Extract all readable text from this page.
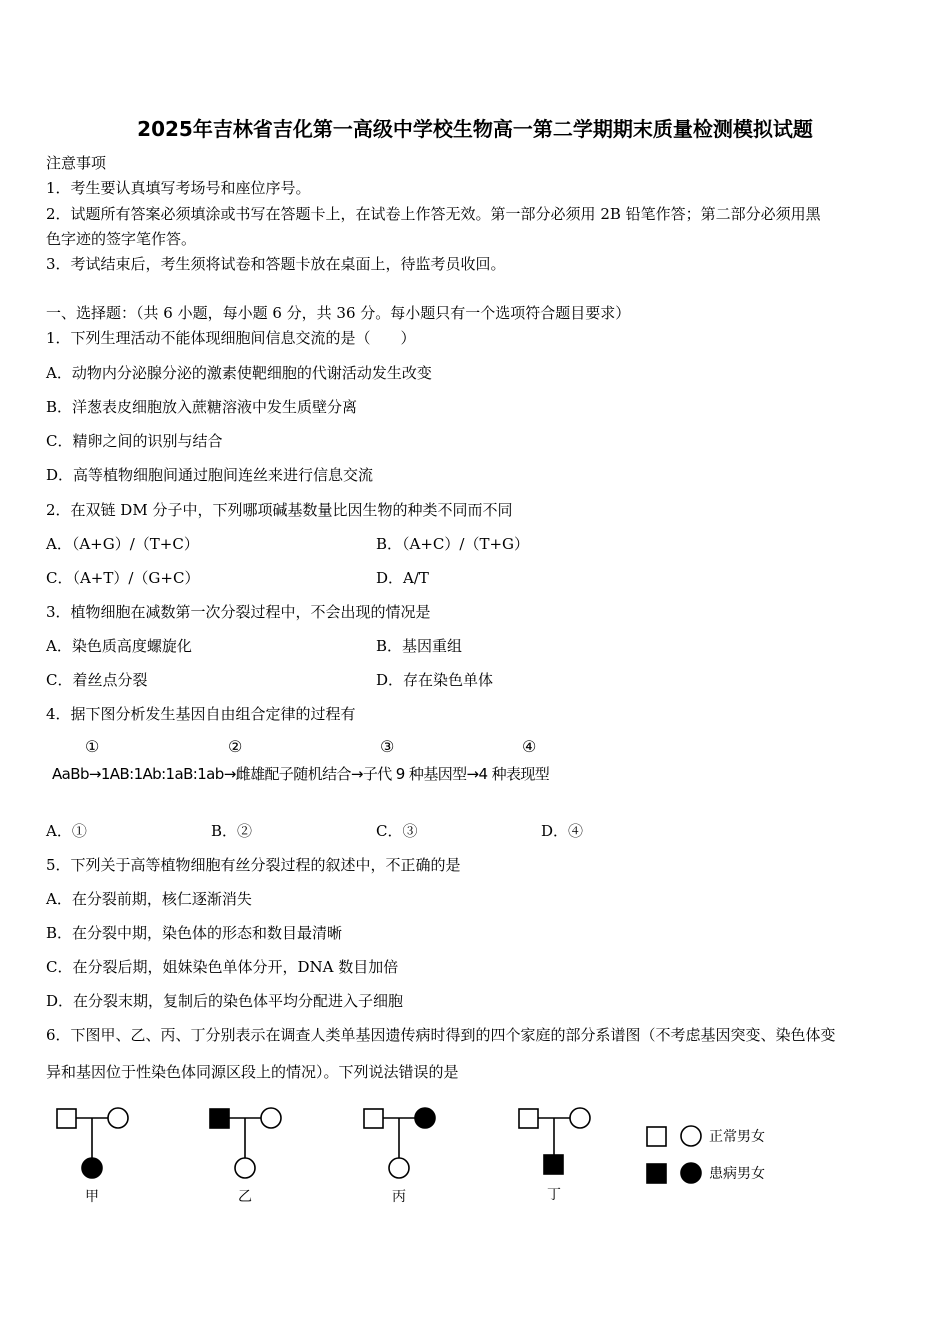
2025年吉林省吉化第一高级中学校生物高一第二学期期末质量检测模拟试题
注意事项
1．考生要认真填写考场号和座位序号。
2．试题所有答案必须填涂或书写在答题卡上，在试卷上作答无效。第一部分必须用 2B 铅笔作答；第二部分必须用黑
色字迹的签字笔作答。
3．考试结束后，考生须将试卷和答题卡放在桌面上，待监考员收回。
一、选择题：（共 6 小题，每小题 6 分，共 36 分。每小题只有一个选项符合题目要求）
1．下列生理活动不能体现细胞间信息交流的是（　　）
A．动物内分泌腺分泌的激素使靶细胞的代谢活动发生改变
B．洋葱表皮细胞放入蔗糖溶液中发生质壁分离
C．精卵之间的识别与结合
D．高等植物细胞间通过胞间连丝来进行信息交流
2．在双链 DM 分子中，下列哪项碱基数量比因生物的种类不同而不同
A．（A+G）/（T+C）	B．（A+C）/（T+G）
C．（A+T）/（G+C）	D．A/T
3．植物细胞在减数第一次分裂过程中，不会出现的情况是
A．染色质高度螺旋化	B．基因重组
C．着丝点分裂	D．存在染色单体
4．据下图分析发生基因自由组合定律的过程有
①	②	③	④
AaBb→1AB:1Ab:1aB:1ab→雌雄配子随机结合→子代 9 种基因型→4 种表现型
A．①	B．②	C．③	D．④
5．下列关于高等植物细胞有丝分裂过程的叙述中，不正确的是
A．在分裂前期，核仁逐渐消失
B．在分裂中期，染色体的形态和数目最清晰
C．在分裂后期，姐妹染色单体分开，DNA 数目加倍
D．在分裂末期，复制后的染色体平均分配进入子细胞
6．下图甲、乙、丙、丁分别表示在调查人类单基因遗传病时得到的四个家庭的部分系谱图（不考虑基因突变、染色体变
异和基因位于性染色体同源区段上的情况）。下列说法错误的是
甲	乙	丙	丁
正常男女
患病男女
